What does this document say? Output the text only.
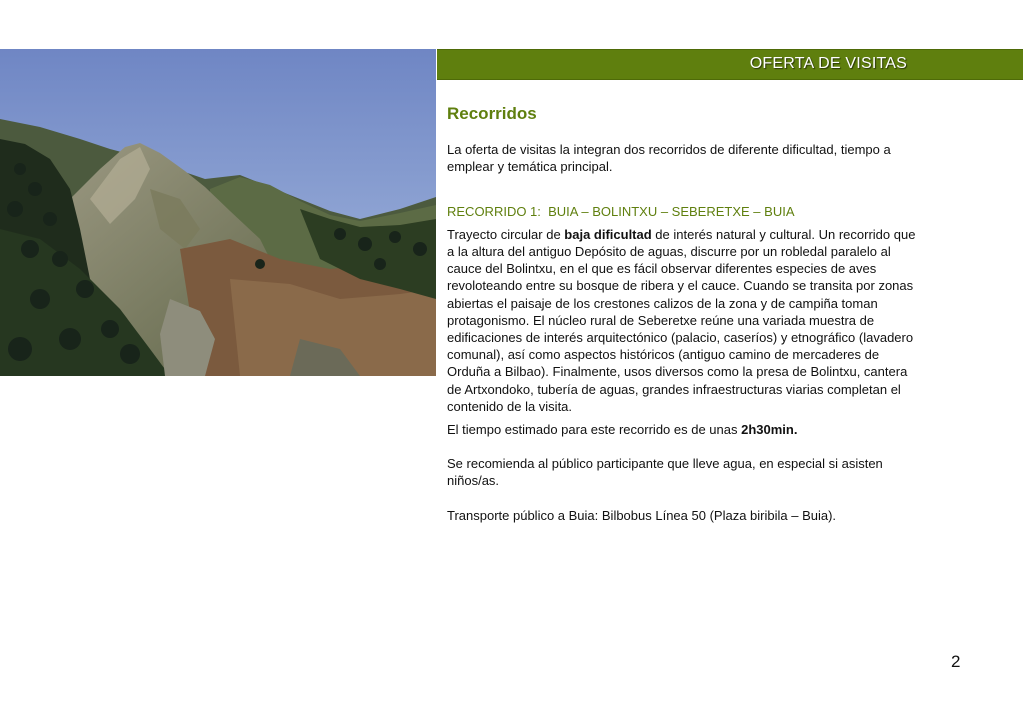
OFERTA DE VISITAS
Recorridos

La oferta de visitas la integran dos recorridos de diferente dificultad, tiempo a emplear y temática principal.

RECORRIDO 1:  BUIA – BOLINTXU – SEBERETXE – BUIA

Trayecto circular de baja dificultad de interés natural y cultural. Un recorrido que a la altura del antiguo Depósito de aguas, discurre por un robledal paralelo al cauce del Bolintxu, en el que es fácil observar diferentes especies de aves revoloteando entre su bosque de ribera y el cauce. Cuando se transita por zonas abiertas el paisaje de los crestones calizos de la zona y de campiña toman protagonismo. El núcleo rural de Seberetxe reúne una variada muestra de edificaciones de interés arquitectónico (palacio, caseríos) y etnográfico (lavadero comunal), así como aspectos históricos (antiguo camino de mercaderes de Orduña a Bilbao). Finalmente, usos diversos como la presa de Bolintxu, cantera de Artxondoko, tubería de aguas, grandes infraestructuras viarias completan el contenido de la visita.

El tiempo estimado para este recorrido es de unas 2h30min.

Se recomienda al público participante que lleve agua, en especial si asisten niños/as.

Transporte público a Buia: Bilbobus Línea 50 (Plaza biribila – Buia).

2
